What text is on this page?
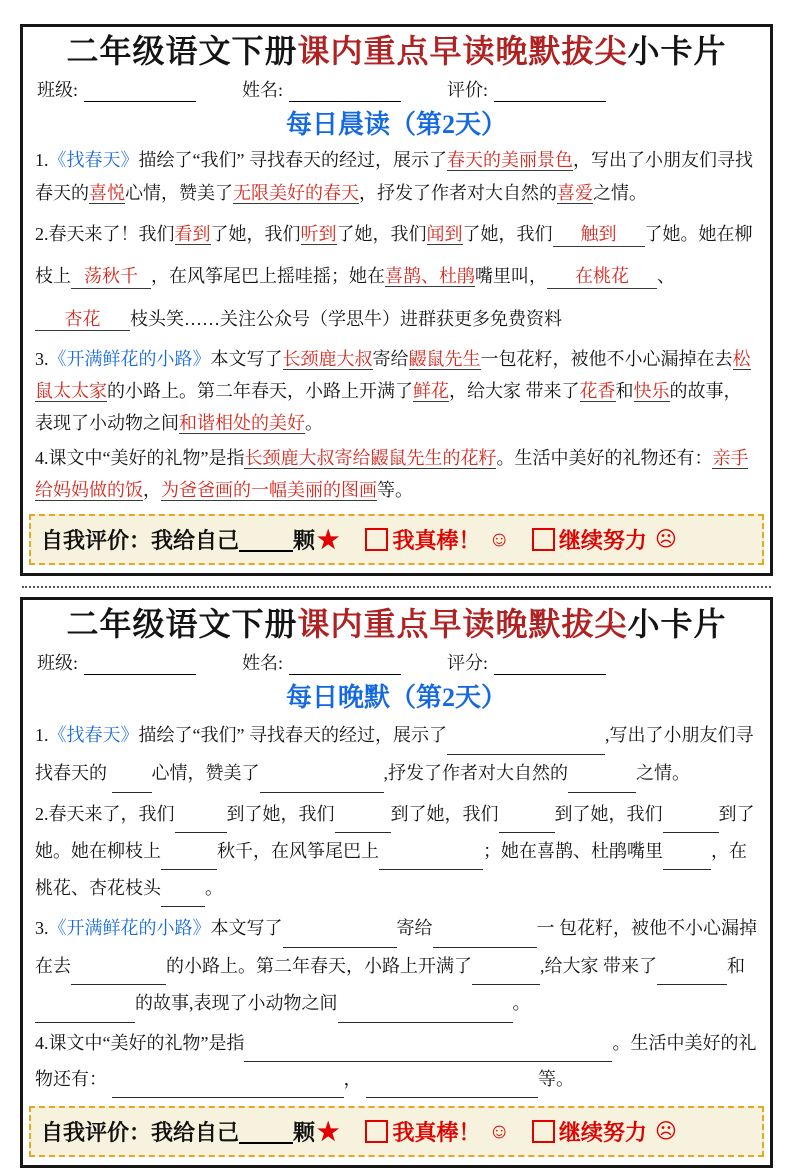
二年级语文下册课内重点早读晚默拔尖小卡片
班级:	姓名:	评价:
每日晨读（第2天）

1.《找春天》描绘了“我们” 寻找春天的经过，展示了春天的美丽景色，写出了小朋友们寻找春天的喜悦心情，赞美了无限美好的春天，抒发了作者对大自然的喜爱之情。

2.春天来了！我们看到了她，我们听到了她，我们闻到了她，我们 触到 了她。她在柳枝上 荡秋千 ，在风筝尾巴上摇哇摇；她在喜鹊、杜鹃嘴里叫， 在桃花 、杏花 枝头笑……关注公众号（学思牛）进群获更多免费资料

3.《开满鲜花的小路》本文写了长颈鹿大叔寄给鼹鼠先生一包花籽，被他不小心漏掉在去松鼠太太家的小路上。第二年春天，小路上开满了鲜花，给大家 带来了花香和快乐的故事，表现了小动物之间和谐相处的美好。

4.课文中“美好的礼物”是指长颈鹿大叔寄给鼹鼠先生的花籽。生活中美好的礼物还有：亲手给妈妈做的饭，为爸爸画的一幅美丽的图画等。

自我评价：我给自己 颗 ★ 我真棒！ ☺ 继续努力 ☹
二年级语文下册课内重点早读晚默拔尖小卡片
班级:	姓名:	评分:
每日晚默（第2天）

1.《找春天》描绘了“我们” 寻找春天的经过，展示了	,写出了小朋友们寻找春天的  心情，赞美了	,抒发了作者对大自然的	之情。

2.春天来了，我们	到了她，我们	到了她，我们	到了她，我们	到了她。她在柳枝上	秋千，在风筝尾巴上	；她在喜鹊、杜鹃嘴里	，在桃花、杏花枝头 。

3.《开满鲜花的小路》本文写了	寄给	一 包花籽，被他不小心漏掉 在去	的小路上。第二年春天，小路上开满了	,给大家 带来了	和 的故事,表现了小动物之间	。

4.课文中“美好的礼物”是指	。生活中美好的礼物还有：	，	等。

自我评价：我给自己 颗 ★ 我真棒！ ☺ 继续努力 ☹
